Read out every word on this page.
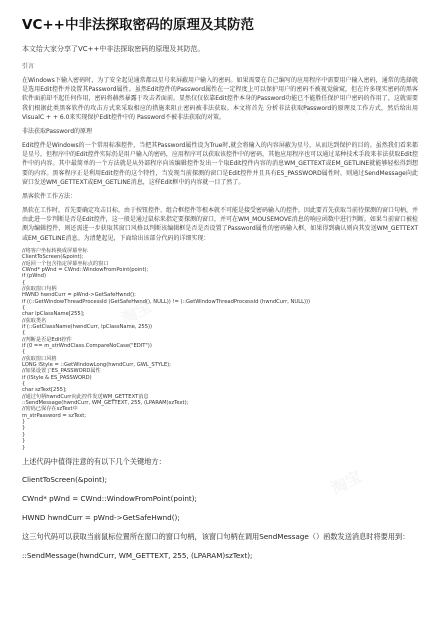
VC++中非法探取密码的原理及其防范
本文给大家分享了VC++中非法探取密码的原理及其防范。
引言
在Windows下输入密码时，为了安全起见通常都以星号来屏蔽用户输入的密码。如果需要在自己编写的应用程序中需要用户输入密码，通常的选择就是选用Edit控件并设置其Password属性。虽然Edit控件的Password属性在一定程度上可以保护用户的密码不被视觉偷窥，但在许多现实密码的黑客软件面前却不起任何作用，密码将赫然暴露于攻击者面前。显然仅仅依靠Edit控件本身的Password功能已不能胜任保护用户密码的作用了，这就需要我们根据此类黑客软件的攻击方式来采取相应的措施来阻止密码被非法获取。本文将首先 分析非法获取Password的原理及工作方式，然后给出用VisualC + + 6.0来实现保护Edit控件中的 Password不被非法获取的对策。
非法获取Password的原理
Edit控件是Windows的一个常用标准控件，当把其Password属性设为True时,就会将输入的内容屏蔽为星号，从而达到保护的目的。虽然我们看来都是星号，但程序中的Edit控件实际仍是用户输入的密码，应用程序可以获取该控件中的密码，其他应用程序也可以通过某种技术手段来非法获取Edit控件中的内容。其中最简单的一个方法就是从外部程序向该编辑控件发出一个取Edit控件内容的消息WM_GETTEXT或EM_GETLINE就能够轻松得到想要的内容。黑客程序正是利用Edit控件的这个特性，当发现当前探测的窗口是Edit控件并且具有ES_PASSWORD属性时，则通过SendMessage向此窗口发送WM_GETTEXT或EM_GETLINE消息，这样Edit框中的内容就一目了然了。
黑客软件工作方法：
黑软在工作时，首先要确定攻击目标，由于按钮控件、组合框控件等根本就不可能是接受密码输入的控件，因此要首先获取当前待探测的窗口句柄，并由此进一步判断是否是Edit控件，这一般是通过鼠标来指定要探测的窗口，并可在WM_MOUSEMOVE消息的响应函数中进行判断。如果当前窗口被检测为编辑控件，则还需进一步获取其窗口风格以判断该编辑框是否是否设置了Password属性的密码输入框，如果得到确认则向其发送WM_GETTEXT或EM_GETLINE消息。为清楚起见，下面给出该部分代码的详细实现：
//将客户坐标转换成屏幕坐标
ClientToScreen(&point);
//返回一个包含指定屏幕坐标点的窗口
CWnd* pWnd = CWnd::WindowFromPoint(point);
if (pWnd)
{
//获取窗口句柄
HWND hwndCurr = pWnd->GetSafeHwnd();
if ((::GetWindowThreadProcessId (GetSafeHwnd(), NULL)) != (::GetWindowThreadProcessId (hwndCurr, NULL)))
{
char lpClassName[255];
//获取类名
if (::GetClassName(hwndCurr, lpClassName, 255))
{
//判断是否是Edit控件
if (0 == m_strWndClass.CompareNoCase("EDIT"))
{
//获取窗口风格
LONG lStyle = ::GetWindowLong(hwndCurr, GWL_STYLE);
//如果设置了ES_PASSWORD属性
if (lStyle & ES_PASSWORD)
{
char szText[255];
//通过句柄hwndCurr向此控件发送WM_GETTEXT消息
::SendMessage(hwndCurr, WM_GETTEXT, 255, (LPARAM)szText);
//密码已保存在szText中
m_strPassword = szText;
}
}
}
}
}
上述代码中值得注意的有以下几个关键地方：
ClientToScreen(&point);
CWnd* pWnd = CWnd::WindowFromPoint(point);
HWND hwndCurr = pWnd->GetSafeHwnd();
这三句代码可以获取当前鼠标位置所在窗口的窗口句柄，该窗口句柄在调用SendMessage（）函数发送消息时将要用到：
::SendMessage(hwndCurr, WM_GETTEXT, 255, (LPARAM)szText);
